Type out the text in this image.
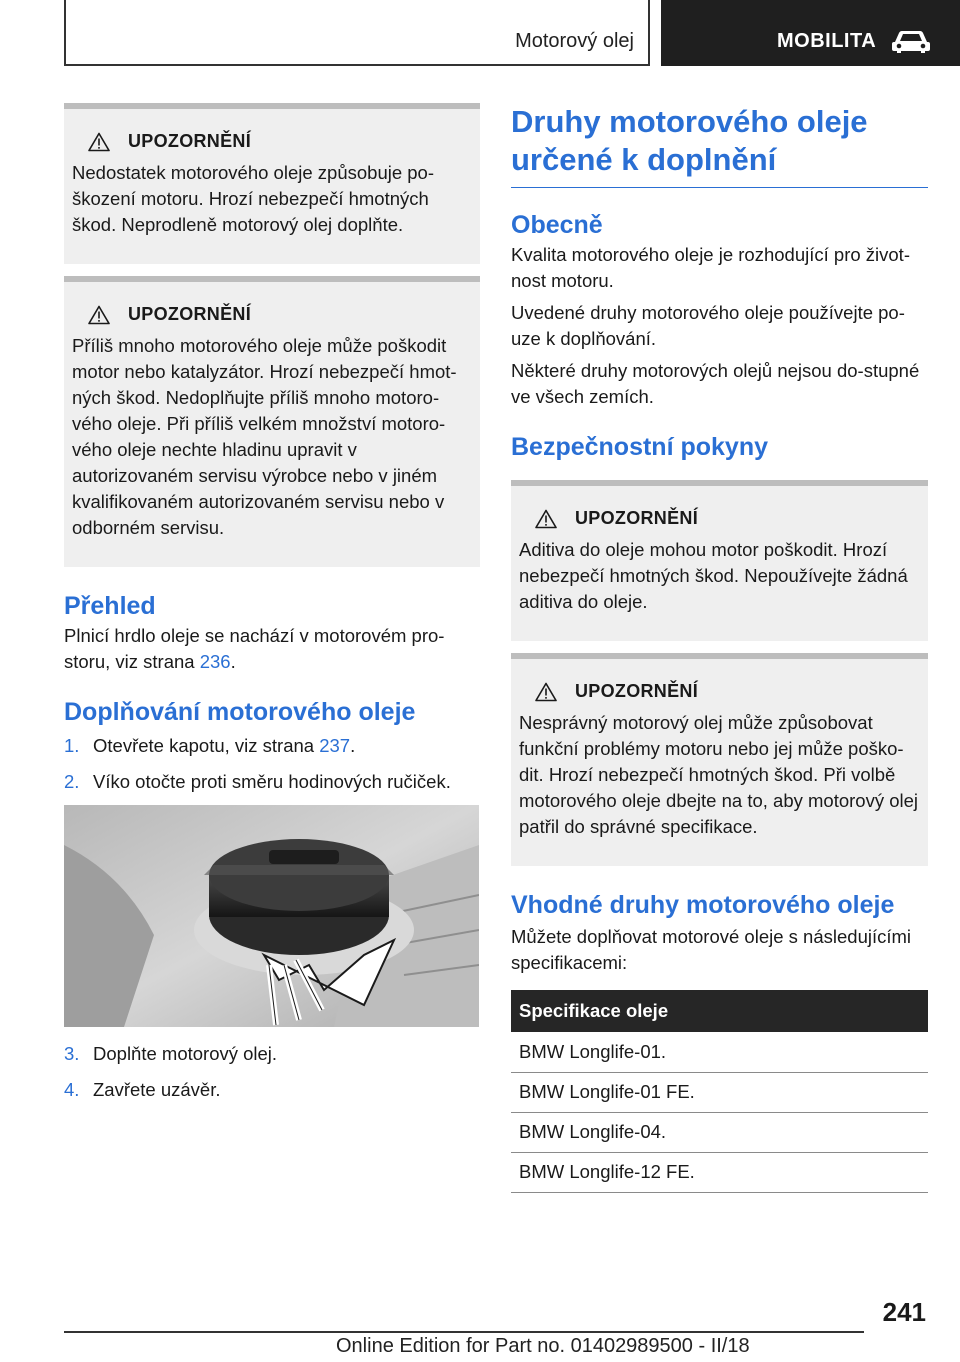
Motorový olej	MOBILITA
UPOZORNĚNÍ
Nedostatek motorového oleje způsobuje po-škození motoru. Hrozí nebezpečí hmotných škod. Neprodleně motorový olej doplňte.
UPOZORNĚNÍ
Příliš mnoho motorového oleje může poškodit motor nebo katalyzátor. Hrozí nebezpečí hmot-ných škod. Nedoplňujte příliš mnoho motoro-vého oleje. Při příliš velkém množství motoro-vého oleje nechte hladinu upravit v autorizovaném servisu výrobce nebo v jiném kvalifikovaném autorizovaném servisu nebo v odborném servisu.
Přehled

Plnicí hrdlo oleje se nachází v motorovém pro-storu, viz strana 236.

Doplňování motorového oleje
1. Otevřete kapotu, viz strana 237.
2. Víko otočte proti směru hodinových ručiček.
3. Doplňte motorový olej.
4. Zavřete uzávěr.
Druhy motorového oleje určené k doplnění
Obecně

Kvalita motorového oleje je rozhodující pro život-nost motoru.

Uvedené druhy motorového oleje používejte po-uze k doplňování.

Některé druhy motorových olejů nejsou do-stupné ve všech zemích.

Bezpečnostní pokyny
UPOZORNĚNÍ
Aditiva do oleje mohou motor poškodit. Hrozí nebezpečí hmotných škod. Nepoužívejte žádná aditiva do oleje.
UPOZORNĚNÍ
Nesprávný motorový olej může způsobovat funkční problémy motoru nebo jej může poško-dit. Hrozí nebezpečí hmotných škod. Při volbě motorového oleje dbejte na to, aby motorový olej patřil do správné specifikace.
Vhodné druhy motorového oleje

Můžete doplňovat motorové oleje s následujícími specifikacemi:

Specifikace oleje
BMW Longlife-01.
BMW Longlife-01 FE.
BMW Longlife-04.
BMW Longlife-12 FE.
241
Online Edition for Part no. 01402989500 - II/18
